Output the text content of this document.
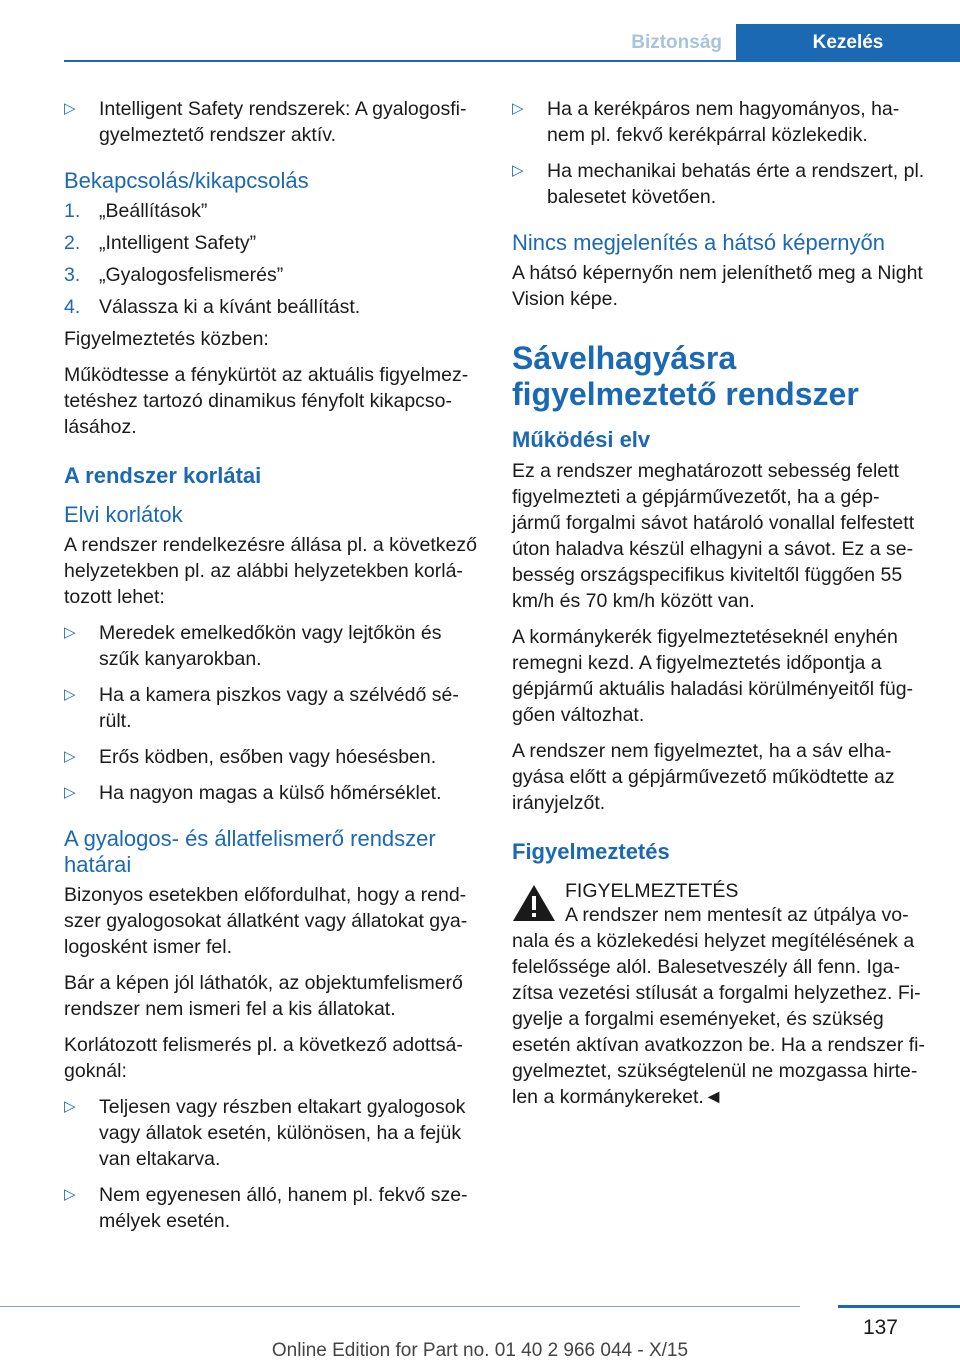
Biztonság	Kezelés
▷ Intelligent Safety rendszerek: A gyalogosfi‐ gyelmeztető rendszer aktív.
Bekapcsolás/kikapcsolás
1. „Beállítások”
2. „Intelligent Safety”
3. „Gyalogosfelismerés”
4. Válassza ki a kívánt beállítást.

Figyelmeztetés közben:

Működtesse a fénykürtöt az aktuális figyelmez‐ tetéshez tartozó dinamikus fényfolt kikapcso‐ lásához.

A rendszer korlátai
Elvi korlátok

A rendszer rendelkezésre állása pl. a következő helyzetekben pl. az alábbi helyzetekben korlá‐ tozott lehet:

▷ Meredek emelkedőkön vagy lejtőkön és szűk kanyarokban.
▷ Ha a kamera piszkos vagy a szélvédő sé‐ rült.
▷ Erős ködben, esőben vagy hóesésben.
▷ Ha nagyon magas a külső hőmérséklet.
A gyalogos- és állatfelismerő rendszer határai

Bizonyos esetekben előfordulhat, hogy a rend‐ szer gyalogosokat állatként vagy állatokat gya‐ logosként ismer fel.

Bár a képen jól láthatók, az objektumfelismerő rendszer nem ismeri fel a kis állatokat.

Korlátozott felismerés pl. a következő adottsá‐ goknál:

▷ Teljesen vagy részben eltakart gyalogosok vagy állatok esetén, különösen, ha a fejük van eltakarva.
▷ Nem egyenesen álló, hanem pl. fekvő sze‐ mélyek esetén.
▷ Ha a kerékpáros nem hagyományos, ha‐ nem pl. fekvő kerékpárral közlekedik.
▷ Ha mechanikai behatás érte a rendszert, pl. balesetet követően.
Nincs megjelenítés a hátsó képernyőn

A hátsó képernyőn nem jeleníthető meg a Night Vision képe.

Sávelhagyásra figyelmeztető rendszer
Működési elv

Ez a rendszer meghatározott sebesség felett figyelmezteti a gépjárművezetőt, ha a gép‐ jármű forgalmi sávot határoló vonallal felfestett úton haladva készül elhagyni a sávot. Ez a se‐ besség országspecifikus kiviteltől függően 55 km/h és 70 km/h között van.

A kormánykerék figyelmeztetéseknél enyhén remegni kezd. A figyelmeztetés időpontja a gépjármű aktuális haladási körülményeitől füg‐ gően változhat.

A rendszer nem figyelmeztet, ha a sáv elha‐ gyása előtt a gépjárművezető működtette az irányjelzőt.

Figyelmeztetés

FIGYELMEZTETÉS

A rendszer nem mentesít az útpálya vo‐ nala és a közlekedési helyzet megítélésének a felelőssége alól. Balesetveszély áll fenn. Iga‐ zítsa vezetési stílusát a forgalmi helyzethez. Fi‐ gyelje a forgalmi eseményeket, és szükség esetén aktívan avatkozzon be. Ha a rendszer fi‐ gyelmeztet, szükségtelenül ne mozgassa hirte‐ len a kormánykereket.◄

137
Online Edition for Part no. 01 40 2 966 044 - X/15
